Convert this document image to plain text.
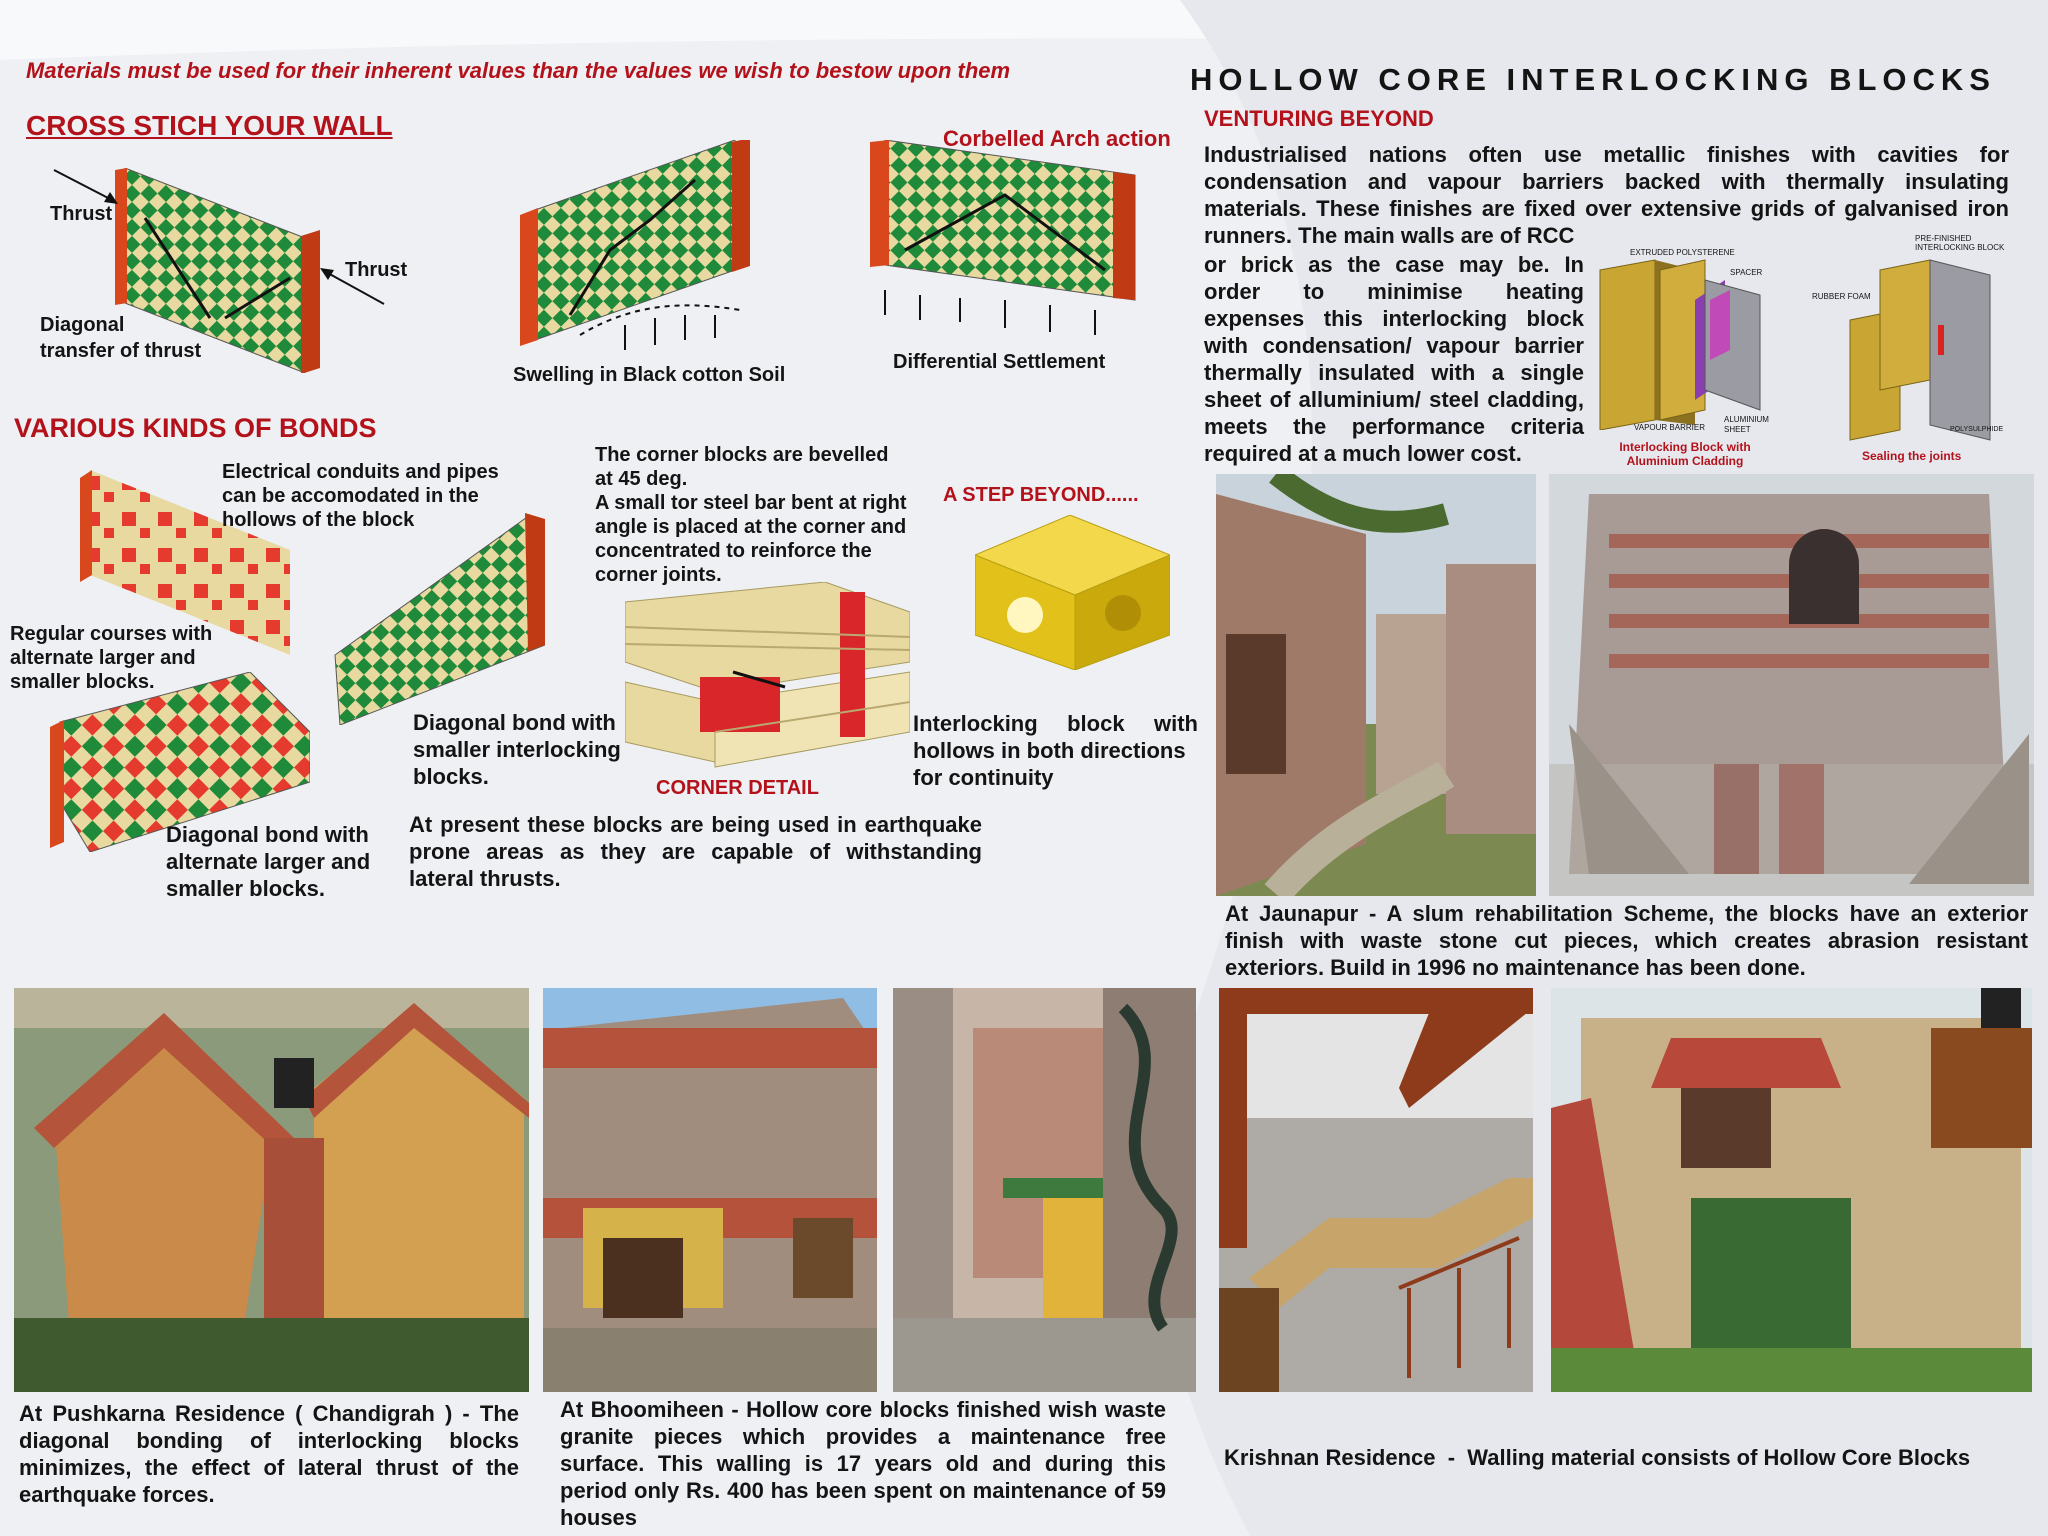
Materials must be used for their inherent values than the values we wish to bestow upon them	HOLLOW CORE INTERLOCKING BLOCKS
CROSS STICH YOUR WALL
Thrust
Thrust
Diagonal
transfer of thrust
Swelling in Black cotton Soil
Corbelled Arch action
Differential Settlement
VARIOUS KINDS OF BONDS
Electrical conduits and pipes
can be accomodated in the
hollows of the block
Regular courses with
alternate larger and
smaller blocks.
Diagonal bond with
smaller interlocking
blocks.
Diagonal bond with
alternate larger and
smaller blocks.
The corner blocks are bevelled
at 45 deg.
A small tor steel bar bent at right
angle is placed at the corner and
concentrated to reinforce the
corner joints.
CORNER DETAIL
A STEP BEYOND......
Interlocking block with
hollows in both directions
for continuity
At present these blocks are being used in earthquake prone areas as they are capable of withstanding lateral thrusts.
VENTURING BEYOND
Industrialised nations often use metallic finishes with cavities for condensation and vapour barriers backed with thermally insulating materials. These finishes are fixed over extensive grids of galvanised iron runners. The main walls are of RCC
or brick as the case may be. In
order to minimise heating
expenses this interlocking block
with condensation/ vapour barrier
thermally insulated with a single
sheet of alluminium/ steel cladding,
meets the performance criteria
required at a much lower cost.
EXTRUDED POLYSTERENE
SPACER
VAPOUR BARRIER
ALUMINIUM
SHEET
Interlocking Block with
Aluminium Cladding
PRE-FINISHED
INTERLOCKING BLOCK
RUBBER FOAM
POLYSULPHIDE
Sealing the joints
At Jaunapur - A slum rehabilitation Scheme, the blocks have an exterior finish with waste stone cut pieces, which creates abrasion resistant exteriors. Build in 1996 no maintenance has been done.
At Pushkarna Residence ( Chandigrah ) - The diagonal bonding of interlocking blocks minimizes, the effect of lateral thrust of the earthquake forces.
At Bhoomiheen - Hollow core blocks finished wish waste granite pieces which provides a maintenance free surface. This walling is 17 years old and during this period only Rs. 400 has been spent on maintenance of 59 houses
Krishnan Residence  -  Walling material consists of Hollow Core Blocks
